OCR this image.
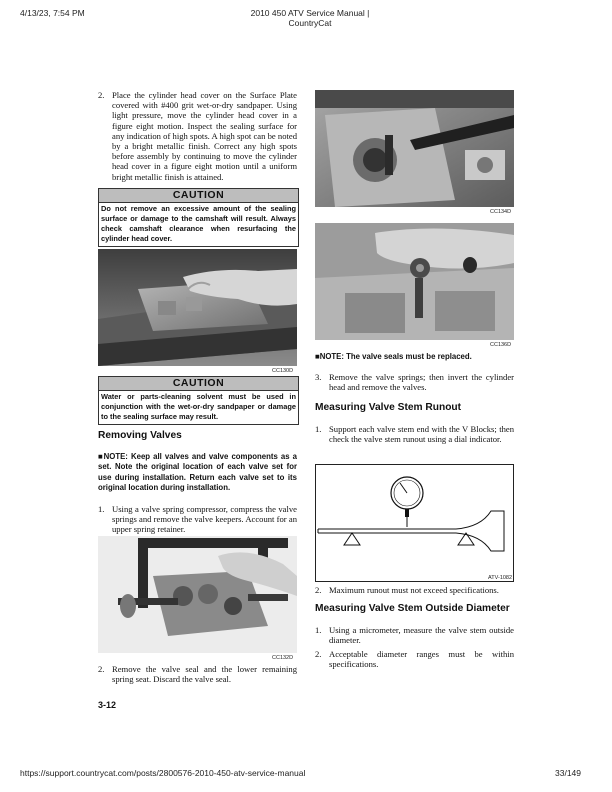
4/13/23, 7:54 PM	2010 450 ATV Service Manual | CountryCat
2. Place the cylinder head cover on the Surface Plate covered with #400 grit wet-or-dry sandpaper. Using light pressure, move the cylinder head cover in a figure eight motion. Inspect the sealing surface for any indication of high spots. A high spot can be noted by a bright metallic finish. Correct any high spots before assembly by continuing to move the cylinder head cover in a figure eight motion until a uniform bright metallic finish is attained.

CAUTION
Do not remove an excessive amount of the sealing surface or damage to the camshaft will result. Always check camshaft clearance when resurfacing the cylinder head cover.
CC130D
CAUTION
Water or parts-cleaning solvent must be used in conjunction with the wet-or-dry sandpaper or damage to the sealing surface may result.

Removing Valves

■NOTE: Keep all valves and valve components as a set. Note the original location of each valve set for use during installation. Return each valve set to its original location during installation.

1. Using a valve spring compressor, compress the valve springs and remove the valve keepers. Account for an upper spring retainer.

CC132D
2. Remove the valve seal and the lower remaining spring seat. Discard the valve seal.

3-12
CC134D
CC136D

■NOTE: The valve seals must be replaced.

3. Remove the valve springs; then invert the cylinder head and remove the valves.

Measuring Valve Stem Runout

1. Support each valve stem end with the V Blocks; then check the valve stem runout using a dial indicator.

ATV-1082
2. Maximum runout must not exceed specifications.

Measuring Valve Stem Outside Diameter

1. Using a micrometer, measure the valve stem outside diameter.

2. Acceptable diameter ranges must be within specifications.

https://support.countrycat.com/posts/2800576-2010-450-atv-service-manual	33/149
